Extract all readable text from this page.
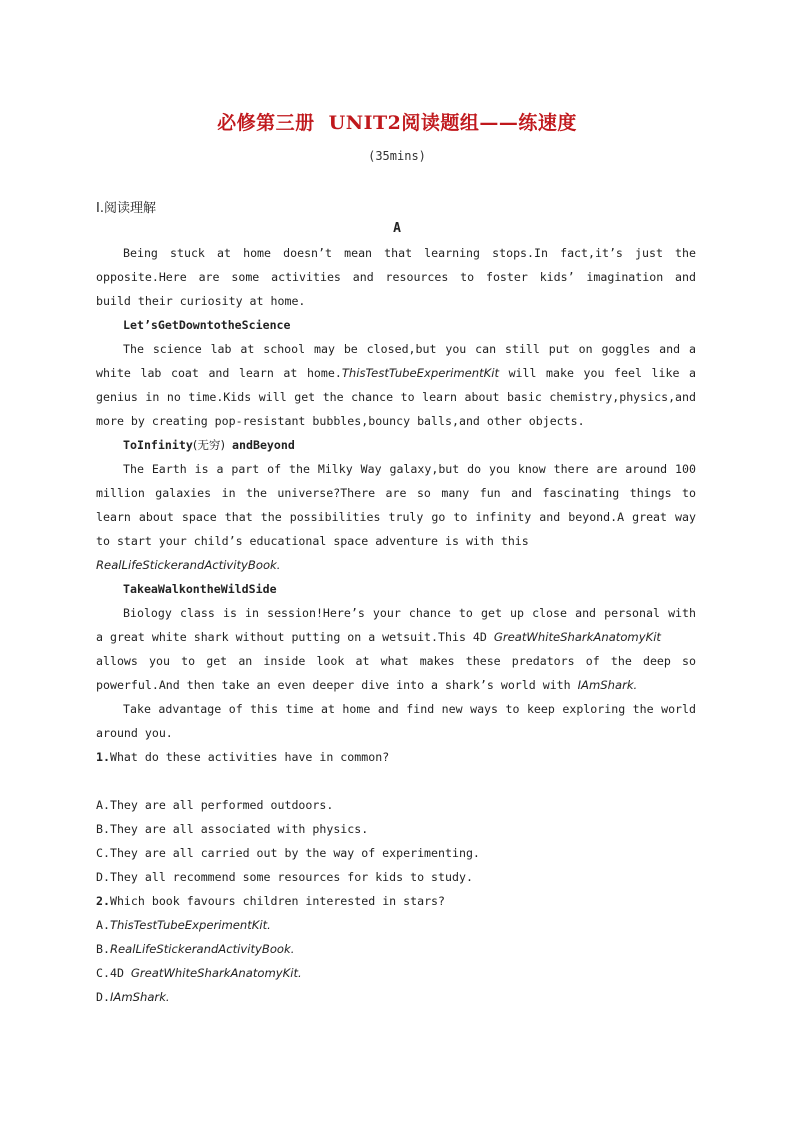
必修第三册 UNIT2阅读题组——练速度
(35mins)
Ⅰ.阅读理解
A
Being stuck at home doesn’t mean that learning stops.In fact,it’s just the
opposite.Here are some activities and resources to foster kids’ imagination and
build their curiosity at home.
Let’sGetDowntotheScience
The science lab at school may be closed,but you can still put on goggles and a
white lab coat and learn at home.ThisTestTubeExperimentKit will make you feel like a
genius in no time.Kids will get the chance to learn about basic chemistry,physics,and
more by creating pop-resistant bubbles,bouncy balls,and other objects.
ToInfinity(无穷) andBeyond
The Earth is a part of the Milky Way galaxy,but do you know there are around 100
million galaxies in the universe?There are so many fun and fascinating things to
learn about space that the possibilities truly go to infinity and beyond.A great way
to start your child’s educational space adventure is with this
RealLifeStickerandActivityBook.
TakeaWalkontheWildSide
Biology class is in session!Here’s your chance to get up close and personal with
a great white shark without putting on a wetsuit.This 4D GreatWhiteSharkAnatomyKit
allows you to get an inside look at what makes these predators of the deep so
powerful.And then take an even deeper dive into a shark’s world with IAmShark.
Take advantage of this time at home and find new ways to keep exploring the world
around you.
1.What do these activities have in common?
A.They are all performed outdoors.
B.They are all associated with physics.
C.They are all carried out by the way of experimenting.
D.They all recommend some resources for kids to study.
2.Which book favours children interested in stars?
A.ThisTestTubeExperimentKit.
B.RealLifeStickerandActivityBook.
C.4D GreatWhiteSharkAnatomyKit.
D.IAmShark.
